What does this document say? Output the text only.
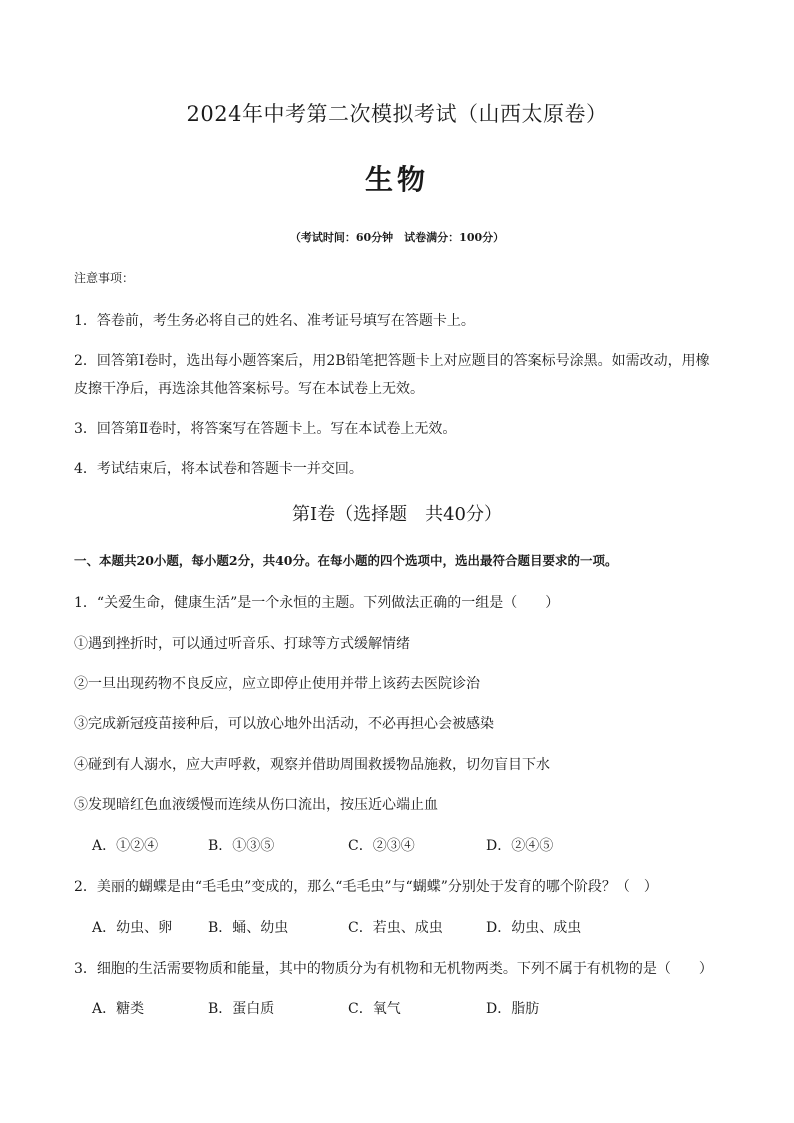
2024年中考第二次模拟考试（山西太原卷）
生物
（考试时间：60分钟　试卷满分：100分）
注意事项：
1．答卷前，考生务必将自己的姓名、准考证号填写在答题卡上。
2．回答第Ⅰ卷时，选出每小题答案后，用2B铅笔把答题卡上对应题目的答案标号涂黑。如需改动，用橡
皮擦干净后，再选涂其他答案标号。写在本试卷上无效。
3．回答第Ⅱ卷时，将答案写在答题卡上。写在本试卷上无效。
4．考试结束后，将本试卷和答题卡一并交回。
第Ⅰ卷（选择题　共40分）
一、本题共20小题，每小题2分，共40分。在每小题的四个选项中，选出最符合题目要求的一项。
1．“关爱生命，健康生活”是一个永恒的主题。下列做法正确的一组是（　　）
①遇到挫折时，可以通过听音乐、打球等方式缓解情绪
②一旦出现药物不良反应，应立即停止使用并带上该药去医院诊治
③完成新冠疫苗接种后，可以放心地外出活动，不必再担心会被感染
④碰到有人溺水，应大声呼救，观察并借助周围救援物品施救，切勿盲目下水
⑤发现暗红色血液缓慢而连续从伤口流出，按压近心端止血
A．①②④	B．①③⑤	C．②③④	D．②④⑤
2．美丽的蝴蝶是由“毛毛虫”变成的，那么“毛毛虫”与“蝴蝶”分别处于发育的哪个阶段？（　）
A．幼虫、卵	B．蛹、幼虫	C．若虫、成虫	D．幼虫、成虫
3．细胞的生活需要物质和能量，其中的物质分为有机物和无机物两类。下列不属于有机物的是（　　）
A．糖类	B．蛋白质	C．氧气	D．脂肪
